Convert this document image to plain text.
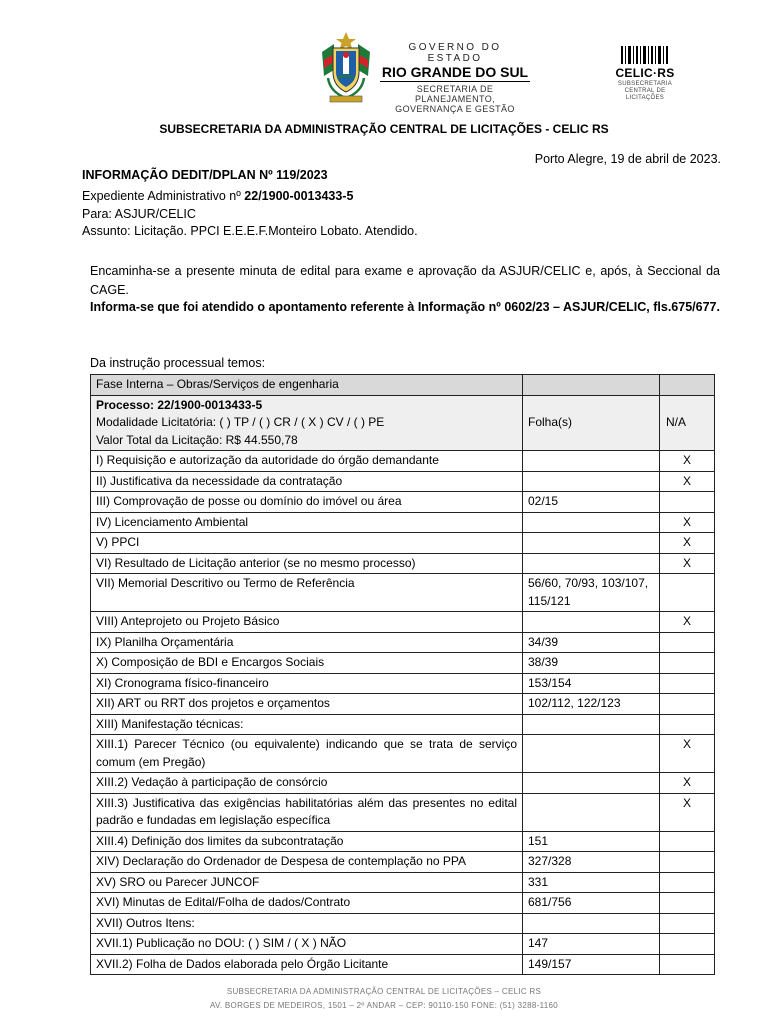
GOVERNO DO ESTADO
RIO GRANDE DO SUL
SECRETARIA DE PLANEJAMENTO,
GOVERNANÇA E GESTÃO
CELIC·RS
SUBSECRETARIA
CENTRAL DE LICITAÇÕES
SUBSECRETARIA DA ADMINISTRAÇÃO CENTRAL DE LICITAÇÕES - CELIC RS
Porto Alegre, 19 de abril de 2023.
INFORMAÇÃO DEDIT/DPLAN Nº 119/2023
Expediente Administrativo nº 22/1900-0013433-5
Para: ASJUR/CELIC
Assunto: Licitação. PPCI E.E.E.F.Monteiro Lobato. Atendido.
Encaminha-se a presente minuta de edital para exame e aprovação da ASJUR/CELIC e, após, à Seccional da CAGE.
Informa-se que foi atendido o apontamento referente à Informação nº 0602/23 – ASJUR/CELIC, fls.675/677.
Da instrução processual temos:
Fase Interna – Obras/Serviços de engenharia		

Processo: 22/1900-0013433-5
Modalidade Licitatória: ( ) TP / ( ) CR / ( X ) CV / ( ) PE
Valor Total da Licitação: R$ 44.550,78	Folha(s)	N/A
I) Requisição e autorização da autoridade do órgão demandante		X
II) Justificativa da necessidade da contratação		X
III) Comprovação de posse ou domínio do imóvel ou área	02/15	
IV) Licenciamento Ambiental		X
V) PPCI		X
VI) Resultado de Licitação anterior (se no mesmo processo)		X
VII) Memorial Descritivo ou Termo de Referência	56/60, 70/93, 103/107, 115/121	
VIII) Anteprojeto ou Projeto Básico		X
IX) Planilha Orçamentária	34/39	
X) Composição de BDI e Encargos Sociais	38/39	
XI) Cronograma físico-financeiro	153/154	
XII) ART ou RRT dos projetos e orçamentos	102/112, 122/123	
XIII) Manifestação técnicas:		
XIII.1) Parecer Técnico (ou equivalente) indicando que se trata de serviço comum (em Pregão)		X
XIII.2) Vedação à participação de consórcio		X
XIII.3) Justificativa das exigências habilitatórias além das presentes no edital padrão e fundadas em legislação específica		X
XIII.4) Definição dos limites da subcontratação	151	
XIV) Declaração do Ordenador de Despesa de contemplação no PPA	327/328	
XV) SRO ou Parecer JUNCOF	331	
XVI) Minutas de Edital/Folha de dados/Contrato	681/756	
XVII) Outros Itens:		
XVII.1) Publicação no DOU: ( ) SIM / ( X ) NÃO	147	
XVII.2) Folha de Dados elaborada pelo Órgão Licitante	149/157	
SUBSECRETARIA DA ADMINISTRAÇÃO CENTRAL DE LICITAÇÕES – CELIC RS
AV. BORGES DE MEDEIROS, 1501 – 2º ANDAR – CEP: 90110-150 FONE: (51) 3288-1160
